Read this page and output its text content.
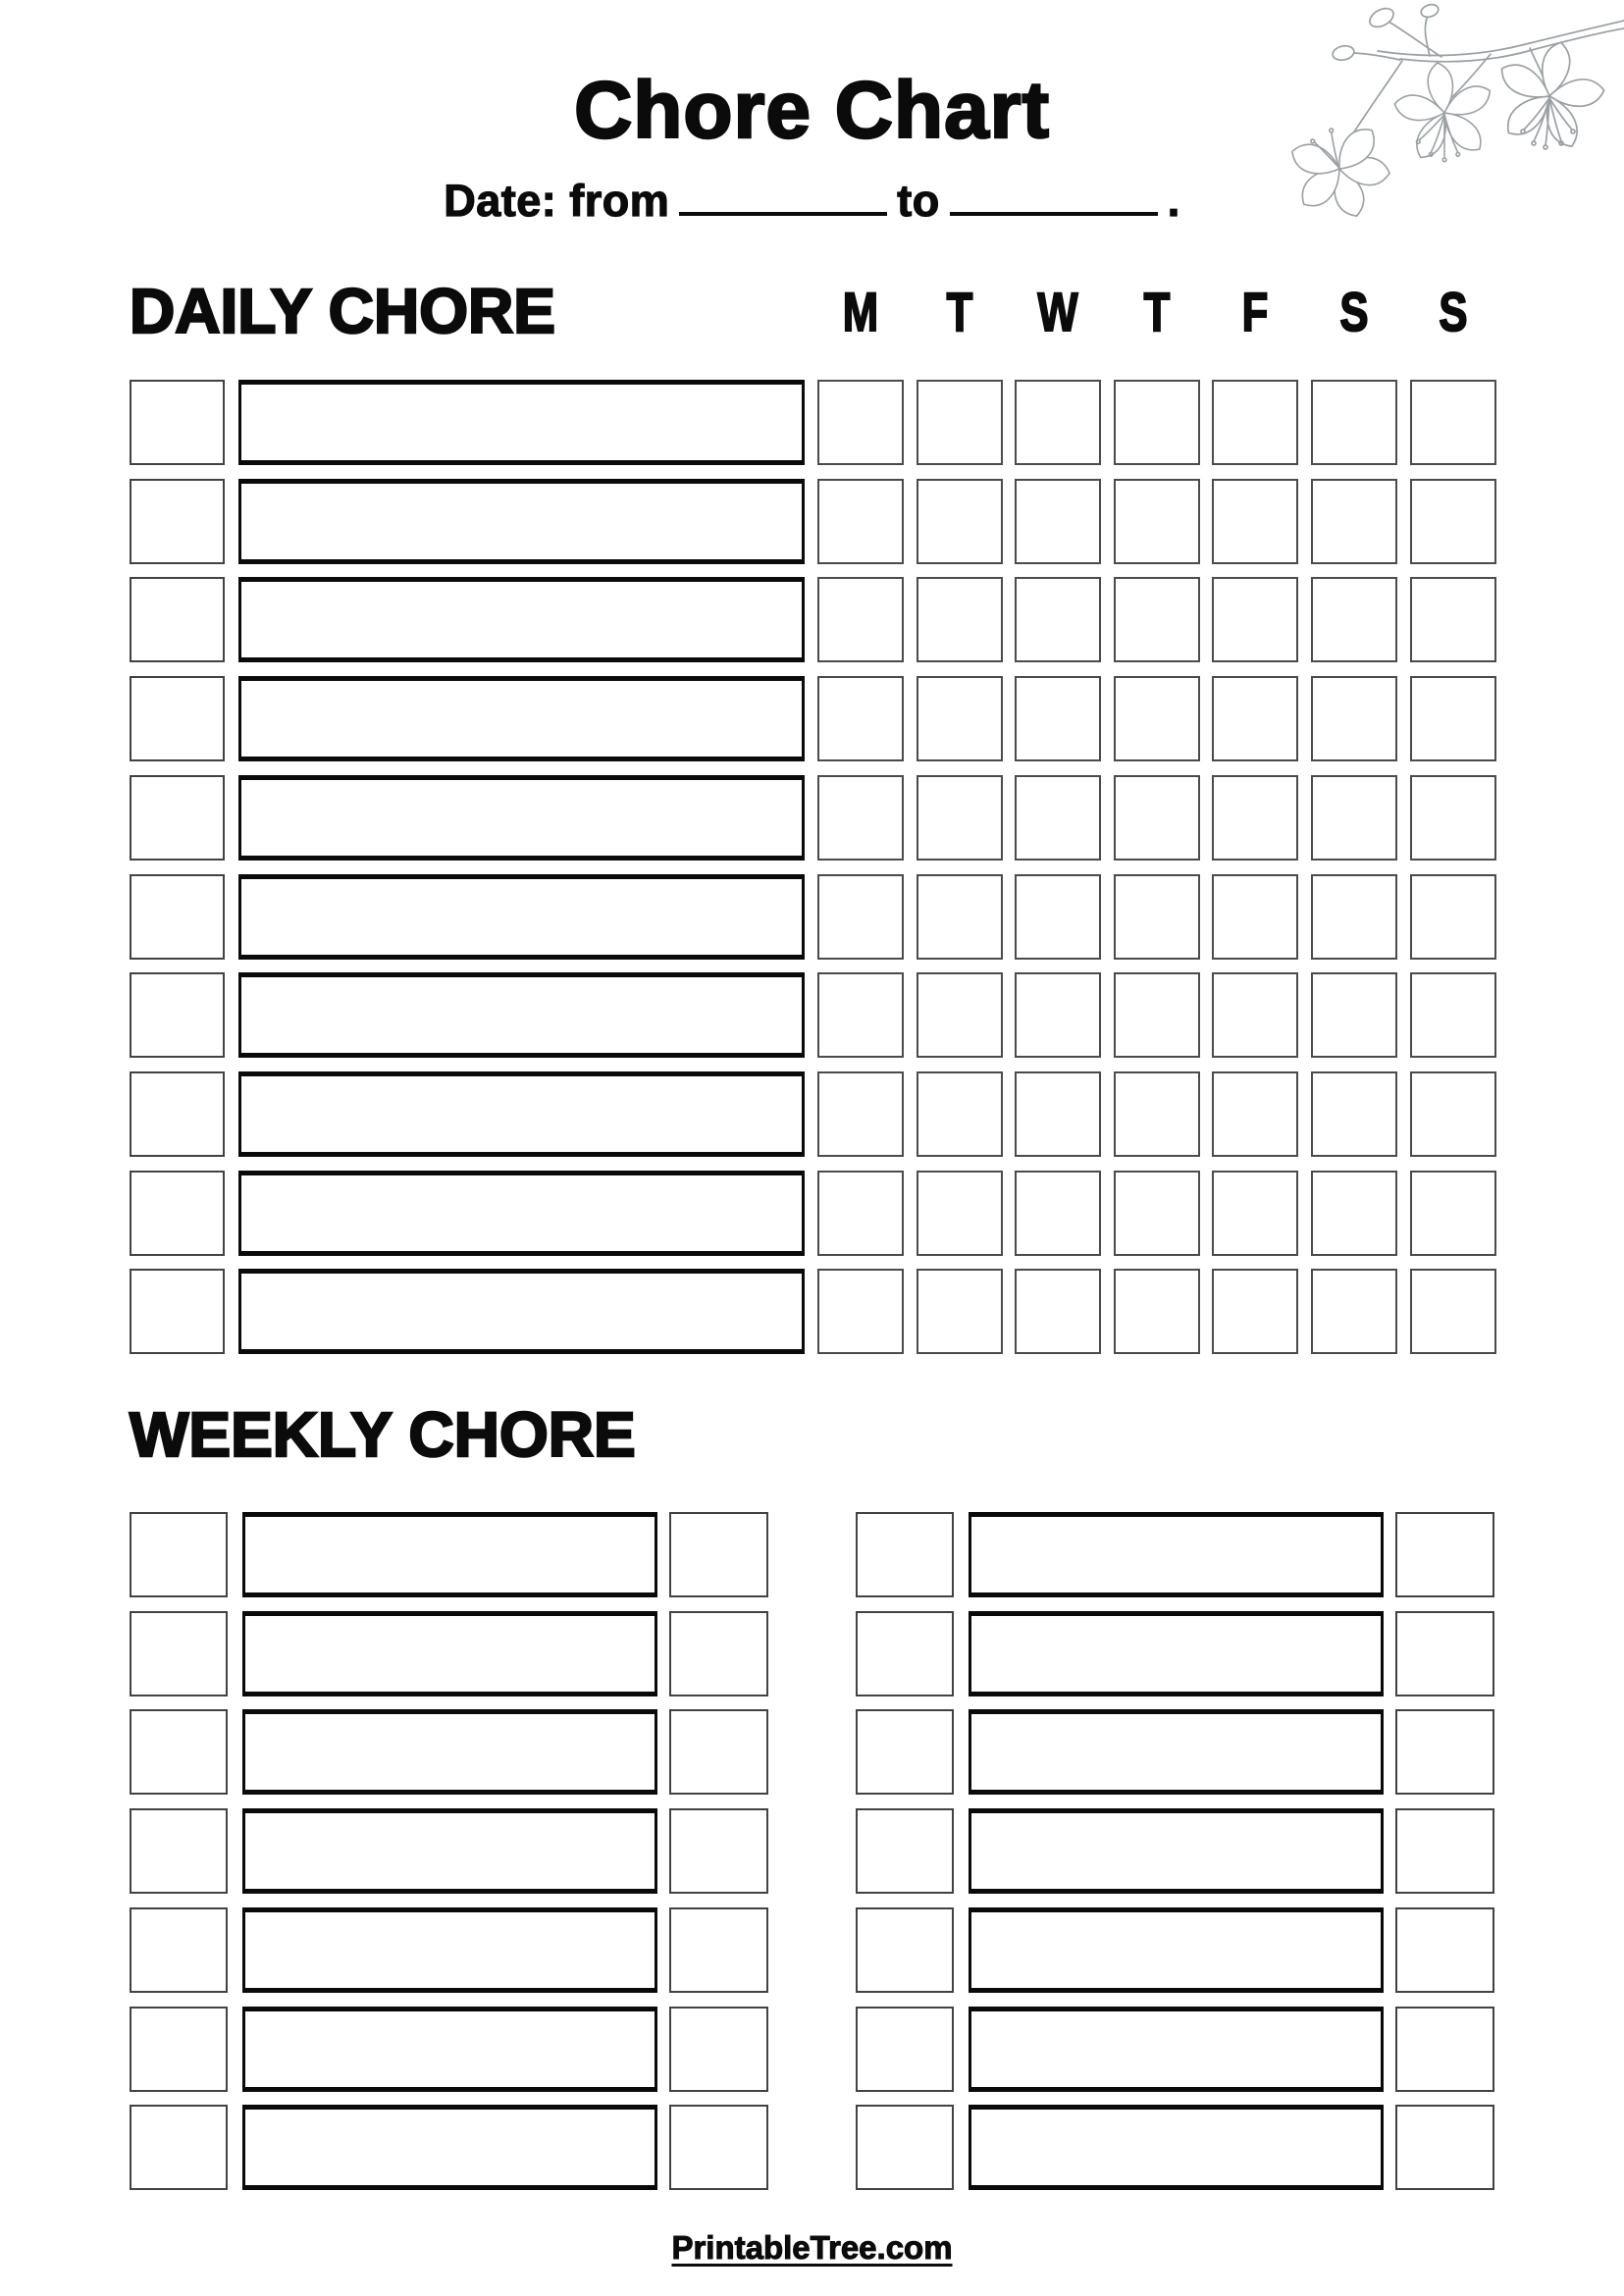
Chore Chart
Date: from	to	.
DAILY CHORE	M	T	W	T	F	S	S
WEEKLY CHORE
PrintableTree.com
